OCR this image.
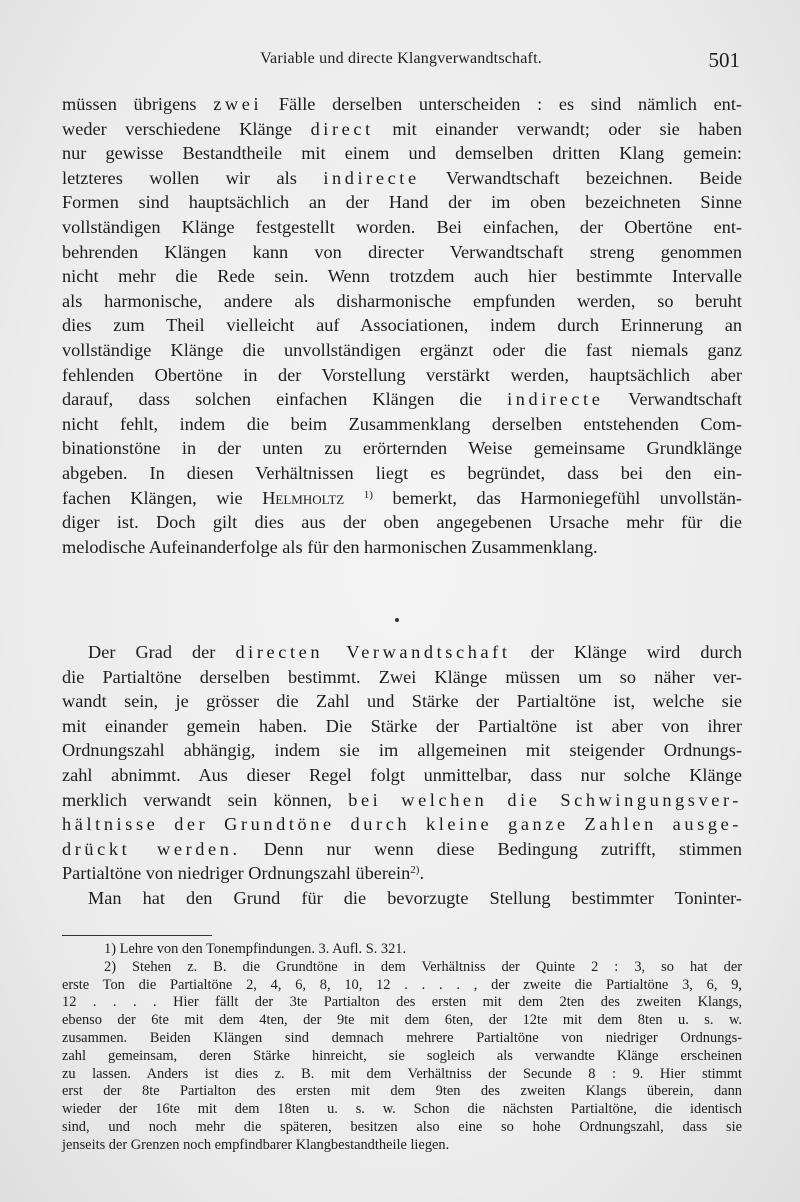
Variable und directe Klangverwandtschaft.	501
müssen übrigens zwei Fälle derselben unterscheiden : es sind nämlich ent-
weder verschiedene Klänge direct mit einander verwandt; oder sie haben
nur gewisse Bestandtheile mit einem und demselben dritten Klang gemein:
letzteres wollen wir als indirecte Verwandtschaft bezeichnen. Beide
Formen sind hauptsächlich an der Hand der im oben bezeichneten Sinne
vollständigen Klänge festgestellt worden. Bei einfachen, der Obertöne ent-
behrenden Klängen kann von directer Verwandtschaft streng genommen
nicht mehr die Rede sein. Wenn trotzdem auch hier bestimmte Intervalle
als harmonische, andere als disharmonische empfunden werden, so beruht
dies zum Theil vielleicht auf Associationen, indem durch Erinnerung an
vollständige Klänge die unvollständigen ergänzt oder die fast niemals ganz
fehlenden Obertöne in der Vorstellung verstärkt werden, hauptsächlich aber
darauf, dass solchen einfachen Klängen die indirecte Verwandtschaft
nicht fehlt, indem die beim Zusammenklang derselben entstehenden Com-
binationstöne in der unten zu erörternden Weise gemeinsame Grundklänge
abgeben. In diesen Verhältnissen liegt es begründet, dass bei den ein-
fachen Klängen, wie Helmholtz $^{1)}$ bemerkt, das Harmoniegefühl unvollstän-
diger ist. Doch gilt dies aus der oben angegebenen Ursache mehr für die
melodische Aufeinanderfolge als für den harmonischen Zusammenklang.
Der Grad der directen Verwandtschaft der Klänge wird durch
die Partialtöne derselben bestimmt. Zwei Klänge müssen um so näher ver-
wandt sein, je grösser die Zahl und Stärke der Partialtöne ist, welche sie
mit einander gemein haben. Die Stärke der Partialtöne ist aber von ihrer
Ordnungszahl abhängig, indem sie im allgemeinen mit steigender Ordnungs-
zahl abnimmt. Aus dieser Regel folgt unmittelbar, dass nur solche Klänge
merklich verwandt sein können, bei welchen die Schwingungsver-
hältnisse der Grundtöne durch kleine ganze Zahlen ausge-
drückt werden. Denn nur wenn diese Bedingung zutrifft, stimmen
Partialtöne von niedriger Ordnungszahl überein$^{2)}$.
Man hat den Grund für die bevorzugte Stellung bestimmter Toninter-
1) Lehre von den Tonempfindungen. 3. Aufl. S. 321.
2) Stehen z. B. die Grundtöne in dem Verhältniss der Quinte 2 : 3, so hat der
erste Ton die Partialtöne 2, 4, 6, 8, 10, 12 . . . . , der zweite die Partialtöne 3, 6, 9,
12 . . . . Hier fällt der 3te Partialton des ersten mit dem 2ten des zweiten Klangs,
ebenso der 6te mit dem 4ten, der 9te mit dem 6ten, der 12te mit dem 8ten u. s. w.
zusammen. Beiden Klängen sind demnach mehrere Partialtöne von niedriger Ordnungs-
zahl gemeinsam, deren Stärke hinreicht, sie sogleich als verwandte Klänge erscheinen
zu lassen. Anders ist dies z. B. mit dem Verhältniss der Secunde 8 : 9. Hier stimmt
erst der 8te Partialton des ersten mit dem 9ten des zweiten Klangs überein, dann
wieder der 16te mit dem 18ten u. s. w. Schon die nächsten Partialtöne, die identisch
sind, und noch mehr die späteren, besitzen also eine so hohe Ordnungszahl, dass sie
jenseits der Grenzen noch empfindbarer Klangbestandtheile liegen.
